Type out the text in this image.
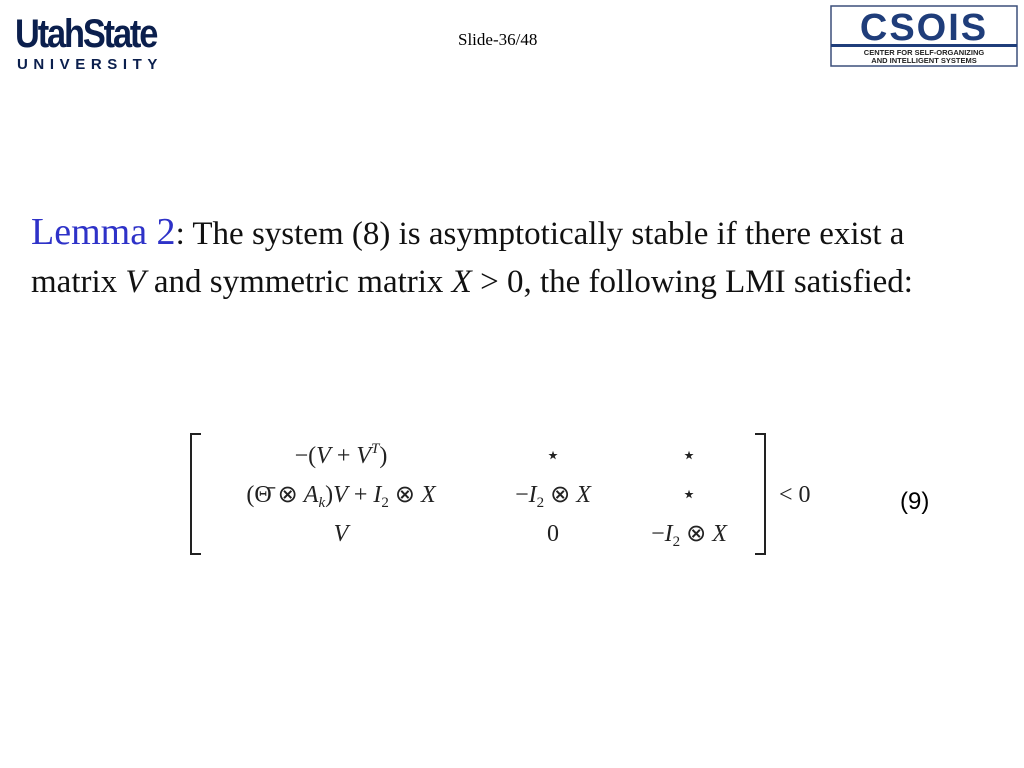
UtahState
UNIVERSITY
Slide-36/48	CSOIS
CENTER FOR SELF-ORGANIZING
AND INTELLIGENT SYSTEMS
Lemma 2: The system (8) is asymptotically stable if there exist a matrix V and symmetric matrix X > 0, the following LMI satisfied:
$-(V + V^T)$	⋆	⋆
(Θ̄ ⊗ $A_k)V + I_2$ ⊗ X	$-I_2$ ⊗ X	⋆
V	0	$-I_2$ ⊗ X
< 0	(9)
